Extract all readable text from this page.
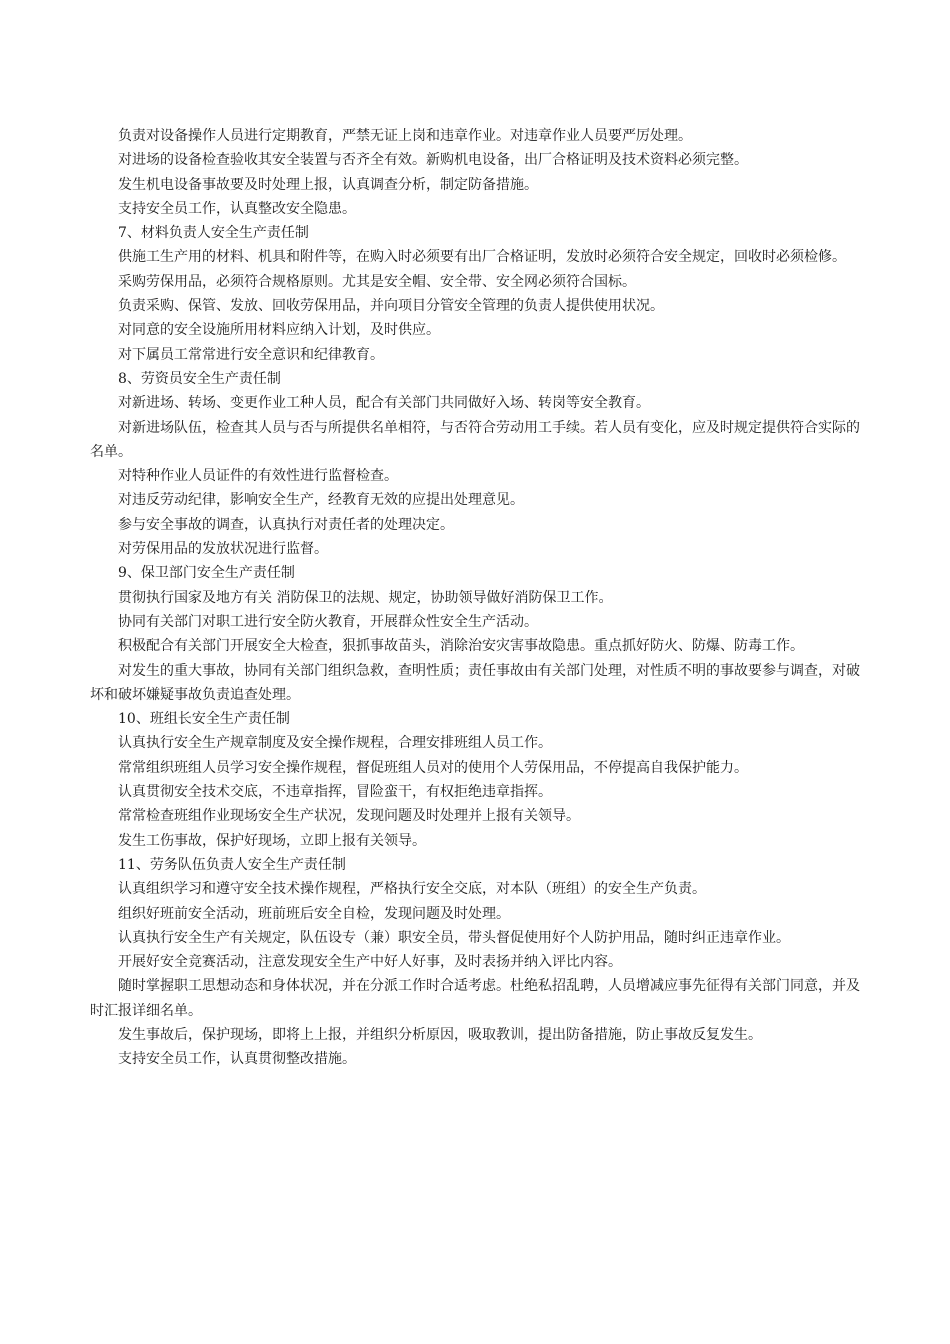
负责对设备操作人员进行定期教育，严禁无证上岗和违章作业。对违章作业人员要严厉处理。

对进场的设备检查验收其安全装置与否齐全有效。新购机电设备，出厂合格证明及技术资料必须完整。

发生机电设备事故要及时处理上报，认真调查分析，制定防备措施。

支持安全员工作，认真整改安全隐患。

7、材料负责人安全生产责任制

供施工生产用的材料、机具和附件等，在购入时必须要有出厂合格证明，发放时必须符合安全规定，回收时必须检修。

采购劳保用品，必须符合规格原则。尤其是安全帽、安全带、安全网必须符合国标。

负责采购、保管、发放、回收劳保用品，并向项目分管安全管理的负责人提供使用状况。

对同意的安全设施所用材料应纳入计划，及时供应。

对下属员工常常进行安全意识和纪律教育。

8、劳资员安全生产责任制

对新进场、转场、变更作业工种人员，配合有关部门共同做好入场、转岗等安全教育。

对新进场队伍，检查其人员与否与所提供名单相符，与否符合劳动用工手续。若人员有变化，应及时规定提供符合实际的名单。

对特种作业人员证件的有效性进行监督检查。

对违反劳动纪律，影响安全生产，经教育无效的应提出处理意见。

参与安全事故的调查，认真执行对责任者的处理决定。

对劳保用品的发放状况进行监督。

9、保卫部门安全生产责任制

贯彻执行国家及地方有关 消防保卫的法规、规定，协助领导做好消防保卫工作。

协同有关部门对职工进行安全防火教育，开展群众性安全生产活动。

积极配合有关部门开展安全大检查，狠抓事故苗头，消除治安灾害事故隐患。重点抓好防火、防爆、防毒工作。

对发生的重大事故，协同有关部门组织急救，查明性质；责任事故由有关部门处理，对性质不明的事故要参与调查，对破坏和破坏嫌疑事故负责追查处理。

10、班组长安全生产责任制

认真执行安全生产规章制度及安全操作规程，合理安排班组人员工作。

常常组织班组人员学习安全操作规程，督促班组人员对的使用个人劳保用品，不停提高自我保护能力。

认真贯彻安全技术交底，不违章指挥，冒险蛮干，有权拒绝违章指挥。

常常检查班组作业现场安全生产状况，发现问题及时处理并上报有关领导。

发生工伤事故，保护好现场，立即上报有关领导。

11、劳务队伍负责人安全生产责任制

认真组织学习和遵守安全技术操作规程，严格执行安全交底，对本队（班组）的安全生产负责。

组织好班前安全活动，班前班后安全自检，发现问题及时处理。

认真执行安全生产有关规定，队伍设专（兼）职安全员，带头督促使用好个人防护用品，随时纠正违章作业。

开展好安全竞赛活动，注意发现安全生产中好人好事，及时表扬并纳入评比内容。

随时掌握职工思想动态和身体状况，并在分派工作时合适考虑。杜绝私招乱聘，人员增减应事先征得有关部门同意，并及时汇报详细名单。

发生事故后，保护现场，即将上上报，并组织分析原因，吸取教训，提出防备措施，防止事故反复发生。

支持安全员工作，认真贯彻整改措施。
